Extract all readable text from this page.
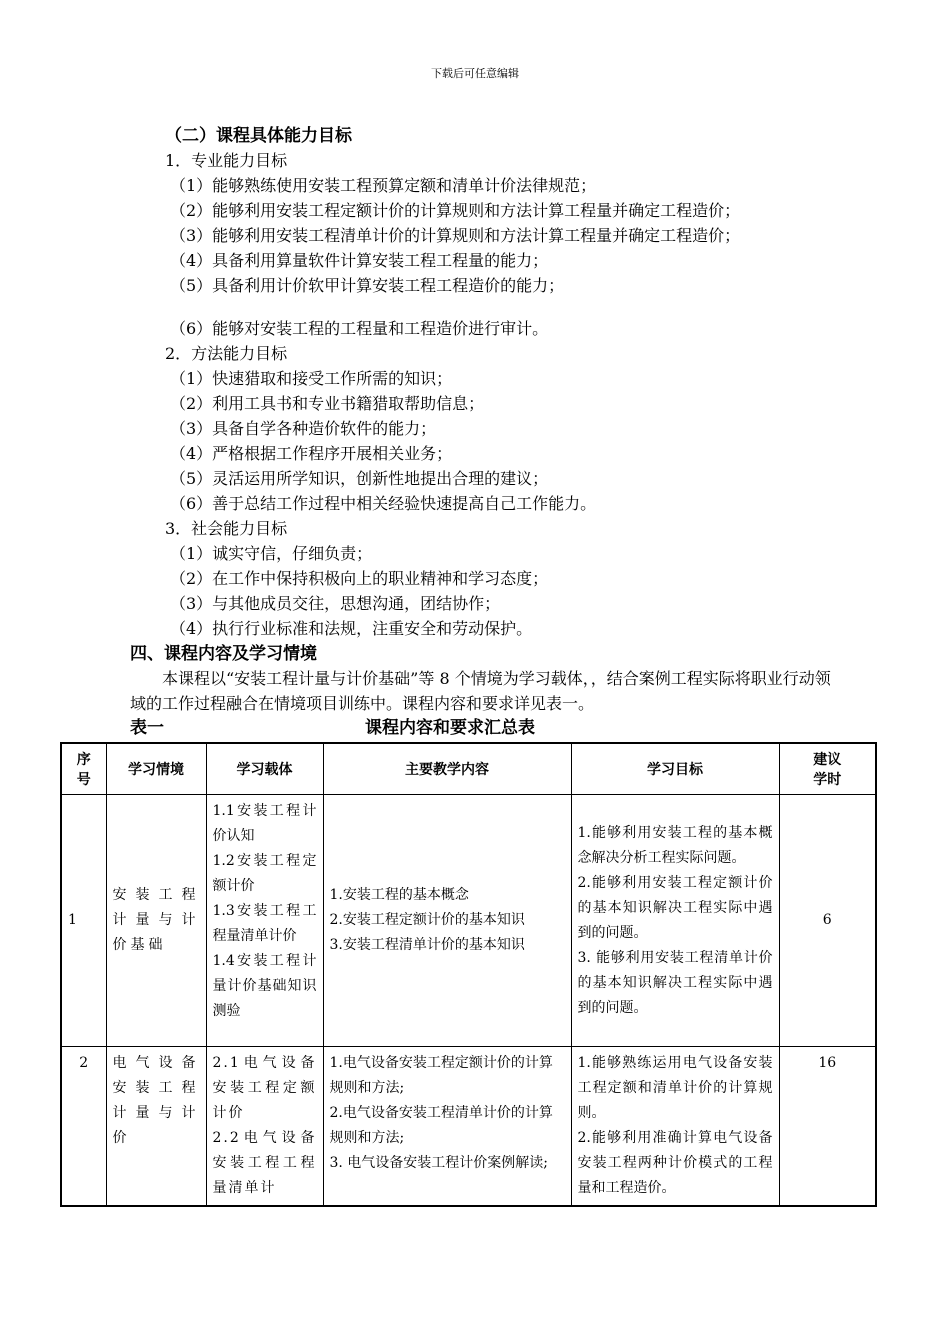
下载后可任意编辑
（二）课程具体能力目标
1．专业能力目标
（1）能够熟练使用安装工程预算定额和清单计价法律规范；
（2）能够利用安装工程定额计价的计算规则和方法计算工程量并确定工程造价；
（3）能够利用安装工程清单计价的计算规则和方法计算工程量并确定工程造价；
（4）具备利用算量软件计算安装工程工程量的能力；
（5）具备利用计价软甲计算安装工程工程造价的能力；
（6）能够对安装工程的工程量和工程造价进行审计。
2．方法能力目标
（1）快速猎取和接受工作所需的知识；
（2）利用工具书和专业书籍猎取帮助信息；
（3）具备自学各种造价软件的能力；
（4）严格根据工作程序开展相关业务；
（5）灵活运用所学知识，创新性地提出合理的建议；
（6）善于总结工作过程中相关经验快速提高自己工作能力。
3．社会能力目标
（1）诚实守信，仔细负责；
（2）在工作中保持积极向上的职业精神和学习态度；
（3）与其他成员交往，思想沟通，团结协作；
（4）执行行业标准和法规，注重安全和劳动保护。
四、课程内容及学习情境
本课程以“安装工程计量与计价基础”等 8 个情境为学习载体，，结合案例工程实际将职业行动领域的工作过程融合在情境项目训练中。课程内容和要求详见表一。
表一	课程内容和要求汇总表
序
号	学习情境	学习载体	主要教学内容	学习目标	建议
学时

1	安装工程计量与计价基础	1.1安装工程计价认知
1.2安装工程定额计价
1.3安装工程工程量清单计价
1.4安装工程计量计价基础知识测验	1.安装工程的基本概念
2.安装工程定额计价的基本知识
3.安装工程清单计价的基本知识	1.能够利用安装工程的基本概念解决分析工程实际问题。
2.能够利用安装工程定额计价的基本知识解决工程实际中遇到的问题。
3. 能够利用安装工程清单计价的基本知识解决工程实际中遇到的问题。	6
2	电气设备安装工程计量与计价	2.1电气设备安装工程定额计价
2.2电气设备安装工程工程量清单计	1.电气设备安装工程定额计价的计算规则和方法;
2.电气设备安装工程清单计价的计算规则和方法;
3. 电气设备安装工程计价案例解读;	1.能够熟练运用电气设备安装工程定额和清单计价的计算规则。
2.能够利用准确计算电气设备安装工程两种计价模式的工程量和工程造价。	16
